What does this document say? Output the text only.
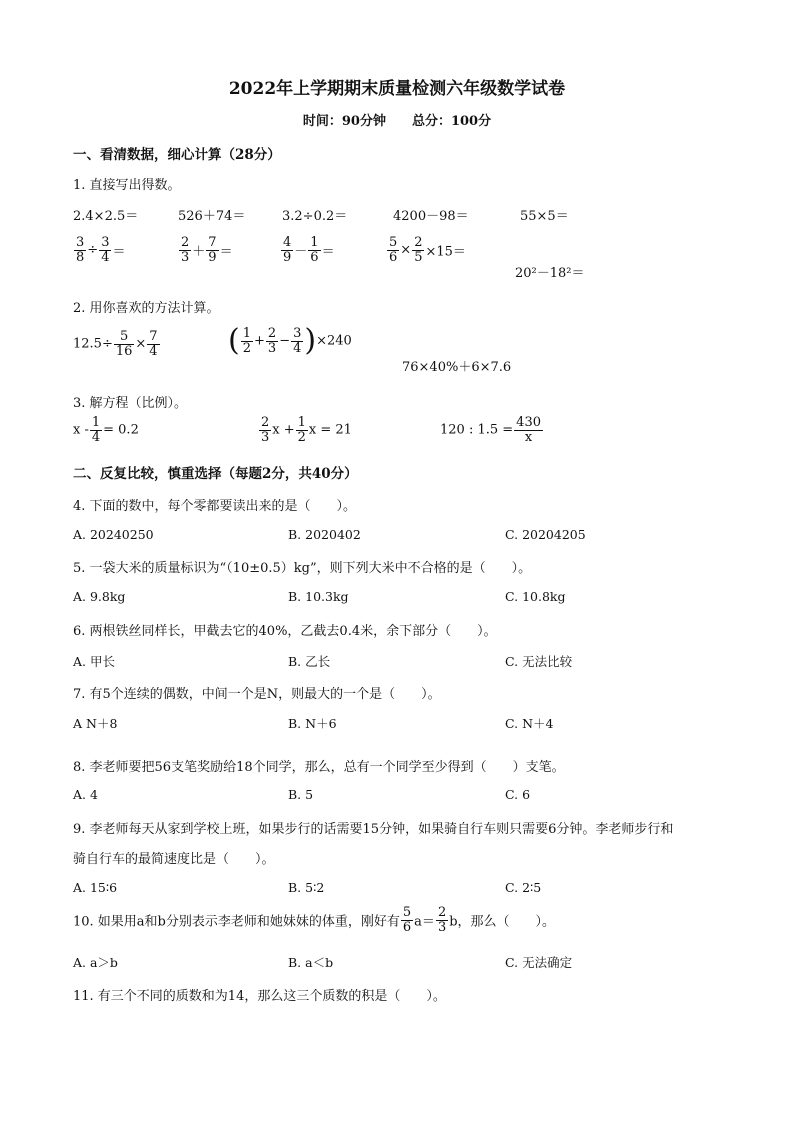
2022年上学期期末质量检测六年级数学试卷
时间：90分钟　　总分：100分
一、看清数据，细心计算（28分）
1. 直接写出得数。
2.4×2.5＝	526＋74＝	3.2÷0.2＝	4200－98＝	55×5＝
$\frac{3}{8} \div \frac{3}{4}$ ＝	$\frac{2}{3} + \frac{7}{9}$ ＝	$\frac{4}{9} - \frac{1}{6}$ ＝	$\frac{5}{6} \times \frac{2}{5} \times 15=$
20²－18²＝
2. 用你喜欢的方法计算。
$12.5\div \frac{5}{16} \times \frac{7}{4}$ ( $\frac{1}{2} + \frac{2}{3} - \frac{3}{4} )\times 240$
76×40%＋6×7.6
3. 解方程（比例）。
$x - \frac{1}{4} = 0.2$	$\frac{2}{3}$ $x + \frac{1}{2}$ x = 21	120 : $1.5 = \frac{430}{x}$
二、反复比较，慎重选择（每题2分，共40分）
4. 下面的数中，每个零都要读出来的是（　　）。
A. 20240250	B. 2020402	C. 20204205
5. 一袋大米的质量标识为“（10±0.5）kg”，则下列大米中不合格的是（　　）。
A. 9.8kg	B. 10.3kg	C. 10.8kg
6. 两根铁丝同样长，甲截去它的40%，乙截去0.4米，余下部分（　　）。
A. 甲长	B. 乙长	C. 无法比较
7. 有5个连续的偶数，中间一个是N，则最大的一个是（　　）。
A N＋8	B. N＋6	C. N＋4
8. 李老师要把56支笔奖励给18个同学，那么，总有一个同学至少得到（　　）支笔。
A. 4	B. 5	C. 6
9. 李老师每天从家到学校上班，如果步行的话需要15分钟，如果骑自行车则只需要6分钟。李老师步行和
骑自行车的最简速度比是（　　）。
A. 15∶6	B. 5∶2	C. 2∶5
10. 如果用a和b分别表示李老师和她妹妹的体重，刚好有 $\frac{5}{6} a= \frac{2}{3}$ b，那么（　　）。
A. a＞b	B. a＜b	C. 无法确定
11. 有三个不同的质数和为14，那么这三个质数的积是（　　）。
